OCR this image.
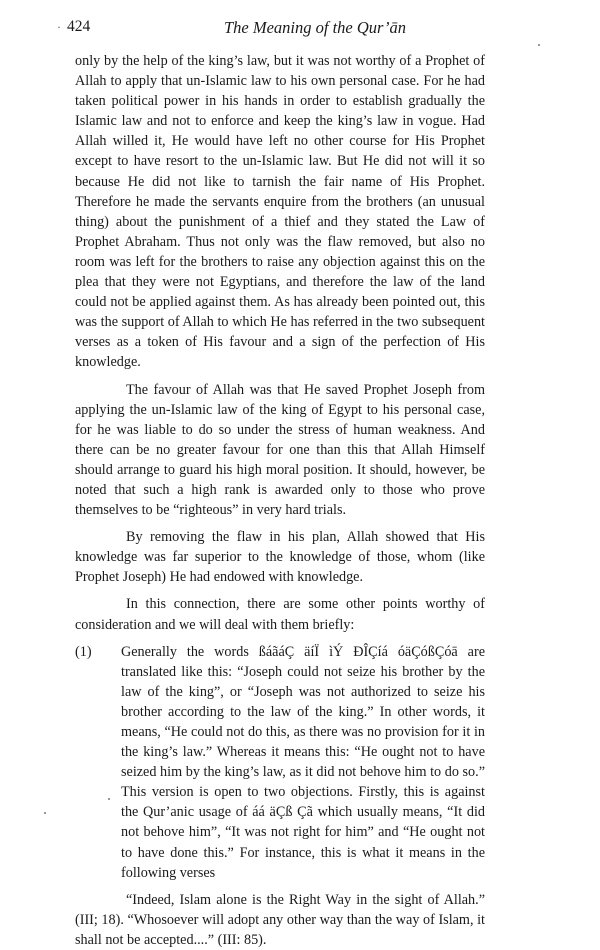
· 424	The Meaning of the Qur’ān

only by the help of the king’s law, but it was not worthy of a Prophet of Allah to apply that un-Islamic law to his own personal case. For he had taken political power in his hands in order to establish gradually the Islamic law and not to enforce and keep the king’s law in vogue. Had Allah willed it, He would have left no other course for His Prophet except to have resort to the un-Islamic law. But He did not will it so because He did not like to tarnish the fair name of His Prophet. Therefore he made the servants enquire from the brothers (an unusual thing) about the punishment of a thief and they stated the Law of Prophet Abraham. Thus not only was the flaw removed, but also no room was left for the brothers to raise any objection against this on the plea that they were not Egyptians, and therefore the law of the land could not be applied against them. As has already been pointed out, this was the support of Allah to which He has referred in the two subsequent verses as a token of His favour and a sign of the perfection of His knowledge.

The favour of Allah was that He saved Prophet Joseph from applying the un-Islamic law of the king of Egypt to his personal case, for he was liable to do so under the stress of human weakness. And there can be no greater favour for one than this that Allah Himself should arrange to guard his high moral position. It should, however, be noted that such a high rank is awarded only to those who prove themselves to be “righteous” in very hard trials.

By removing the flaw in his plan, Allah showed that His knowledge was far superior to the knowledge of those, whom (like Prophet Joseph) He had endowed with knowledge.

In this connection, there are some other points worthy of consideration and we will deal with them briefly:

(1) Generally the words ßáãáÇ äíÏ ìÝ ÐÎÇíá óäÇóßÇóā are translated like this: “Joseph could not seize his brother by the law of the king”, or “Joseph was not authorized to seize his brother according to the law of the king.” In other words, it means, “He could not do this, as there was no provision for it in the king’s law.” Whereas it means this: “He ought not to have seized him by the king’s law, as it did not behove him to do so.” This version is open to two objections. Firstly, this is against the Qur’anic usage of áá äÇß Çã which usually means, “It did not behove him”, “It was not right for him” and “He ought not to have done this.” For instance, this is what it means in the following verses

“Indeed, Islam alone is the Right Way in the sight of Allah.” (III; 18). “Whosoever will adopt any other way than the way of Islam, it shall not be accepted....” (III: 85).
